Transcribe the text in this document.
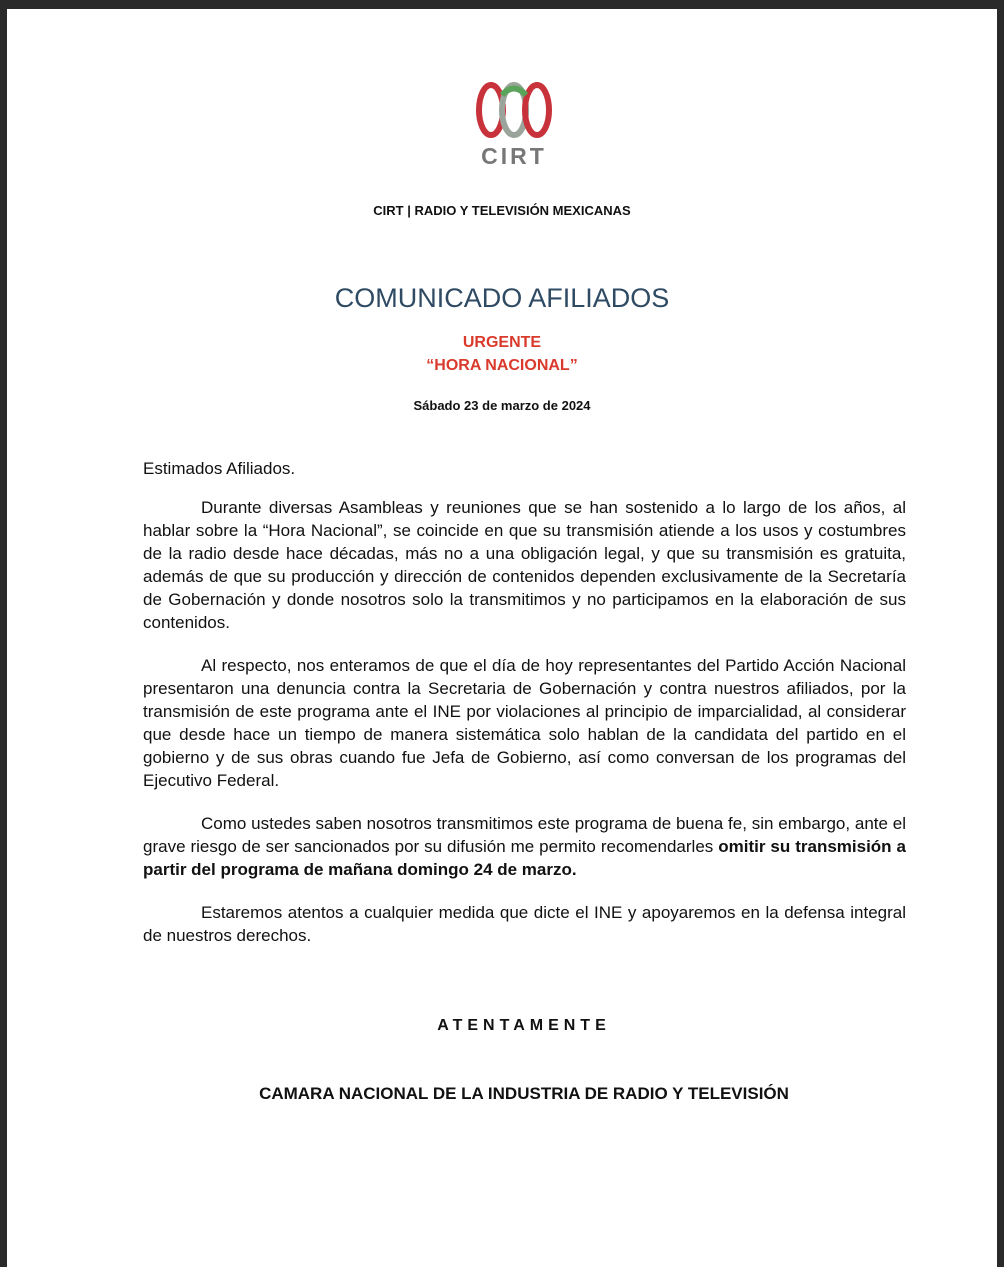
CIRT
CIRT | RADIO Y TELEVISIÓN MEXICANAS
COMUNICADO AFILIADOS
URGENTE
“HORA NACIONAL”
Sábado 23 de marzo de 2024

Estimados Afiliados.

Durante diversas Asambleas y reuniones que se han sostenido a lo largo de los años, al hablar sobre la “Hora Nacional”, se coincide en que su transmisión atiende a los usos y costumbres de la radio desde hace décadas, más no a una obligación legal, y que su transmisión es gratuita, además de que su producción y dirección de contenidos dependen exclusivamente de la Secretaría de Gobernación y donde nosotros solo la transmitimos y no participamos en la elaboración de sus contenidos.

Al respecto, nos enteramos de que el día de hoy representantes del Partido Acción Nacional presentaron una denuncia contra la Secretaria de Gobernación y contra nuestros afiliados, por la transmisión de este programa ante el INE por violaciones al principio de imparcialidad, al considerar que desde hace un tiempo de manera sistemática solo hablan de la candidata del partido en el gobierno y de sus obras cuando fue Jefa de Gobierno, así como conversan de los programas del Ejecutivo Federal.

Como ustedes saben nosotros transmitimos este programa de buena fe, sin embargo, ante el grave riesgo de ser sancionados por su difusión me permito recomendarles omitir su transmisión a partir del programa de mañana domingo 24 de marzo.

Estaremos atentos a cualquier medida que dicte el INE y apoyaremos en la defensa integral de nuestros derechos.

ATENTAMENTE
CAMARA NACIONAL DE LA INDUSTRIA DE RADIO Y TELEVISIÓN
